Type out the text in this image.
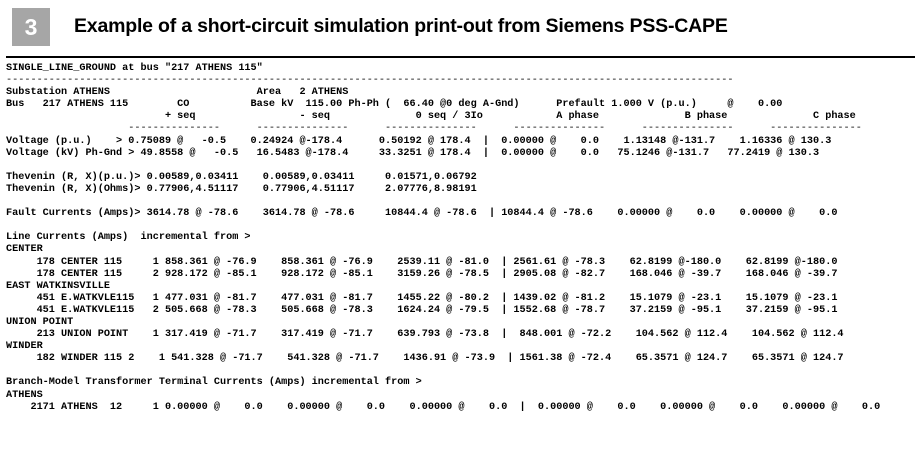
3	Example of a short-circuit simulation print-out from Siemens PSS-CAPE
SINGLE_LINE_GROUND at bus "217 ATHENS 115"
-----------------------------------------------------------------------------------------------------------------------
Substation ATHENS                        Area   2 ATHENS
Bus   217 ATHENS 115        CO          Base kV  115.00 Ph-Ph (  66.40 @0 deg A-Gnd)      Prefault 1.000 V (p.u.)     @    0.00
+ seq                 - seq              0 seq / 3Io            A phase              B phase              C phase
---------------      ---------------      ---------------      ---------------      ---------------      ---------------
Voltage (p.u.)    > 0.75089 @   -0.5    0.24924 @-178.4      0.50192 @ 178.4  |  0.00000 @    0.0    1.13148 @-131.7    1.16336 @ 130.3
Voltage (kV) Ph-Gnd > 49.8558 @   -0.5   16.5483 @-178.4     33.3251 @ 178.4  |  0.00000 @    0.0   75.1246 @-131.7   77.2419 @ 130.3

Thevenin (R, X)(p.u.)> 0.00589,0.03411    0.00589,0.03411     0.01571,0.06792
Thevenin (R, X)(Ohms)> 0.77906,4.51117    0.77906,4.51117     2.07776,8.98191

Fault Currents (Amps)> 3614.78 @ -78.6    3614.78 @ -78.6     10844.4 @ -78.6  | 10844.4 @ -78.6    0.00000 @    0.0    0.00000 @    0.0

Line Currents (Amps)  incremental from >
CENTER
178 CENTER 115     1 858.361 @ -76.9    858.361 @ -76.9    2539.11 @ -81.0  | 2561.61 @ -78.3    62.8199 @-180.0    62.8199 @-180.0
178 CENTER 115     2 928.172 @ -85.1    928.172 @ -85.1    3159.26 @ -78.5  | 2905.08 @ -82.7    168.046 @ -39.7    168.046 @ -39.7
EAST WATKINSVILLE
451 E.WATKVLE115   1 477.031 @ -81.7    477.031 @ -81.7    1455.22 @ -80.2  | 1439.02 @ -81.2    15.1079 @ -23.1    15.1079 @ -23.1
451 E.WATKVLE115   2 505.668 @ -78.3    505.668 @ -78.3    1624.24 @ -79.5  | 1552.68 @ -78.7    37.2159 @ -95.1    37.2159 @ -95.1
UNION POINT
213 UNION POINT    1 317.419 @ -71.7    317.419 @ -71.7    639.793 @ -73.8  |  848.001 @ -72.2    104.562 @ 112.4    104.562 @ 112.4
WINDER
182 WINDER 115 2    1 541.328 @ -71.7    541.328 @ -71.7    1436.91 @ -73.9  | 1561.38 @ -72.4    65.3571 @ 124.7    65.3571 @ 124.7

Branch-Model Transformer Terminal Currents (Amps) incremental from >
ATHENS
2171 ATHENS  12     1 0.00000 @    0.0    0.00000 @    0.0    0.00000 @    0.0  |  0.00000 @    0.0    0.00000 @    0.0    0.00000 @    0.0
